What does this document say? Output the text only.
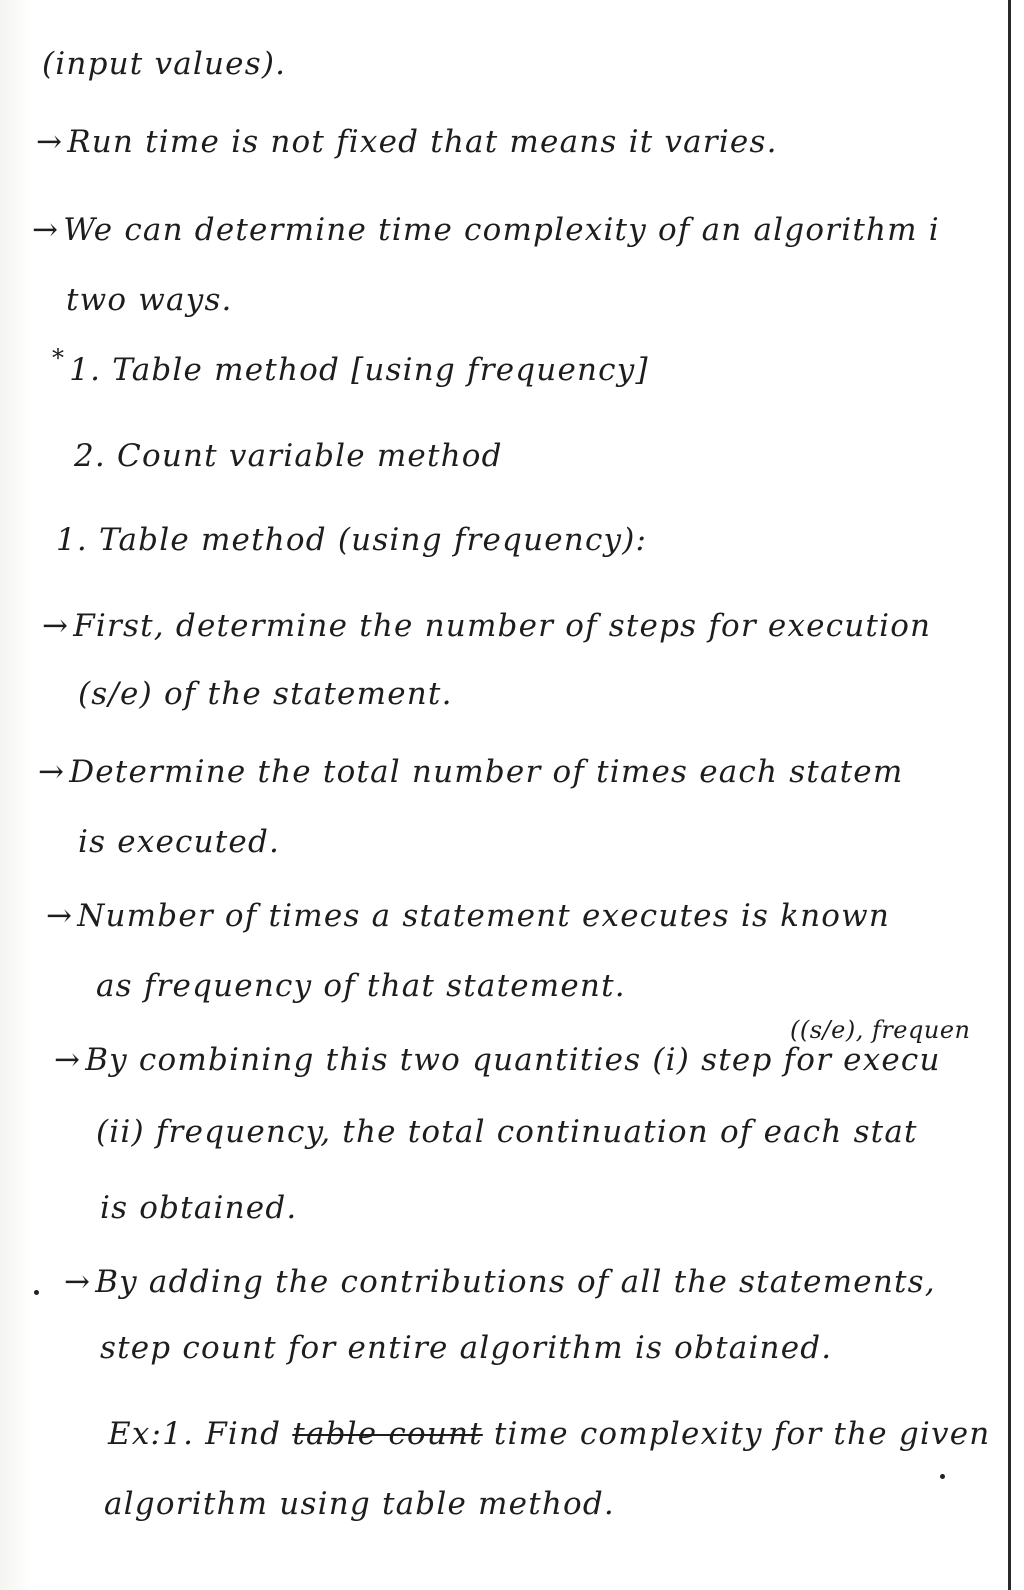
(input values).
→ Run time is not fixed that means it varies.
→ We can determine time complexity of an algorithm i
two ways.
* 1. Table method [using frequency]
2. Count variable method
1. Table method (using frequency):
→ First, determine the number of steps for execution
(s/e) of the statement.
→ Determine the total number of times each statem
is executed.
→ Number of times a statement executes is known
as frequency of that statement.
((s/e), frequen
→ By combining this two quantities (i) step for execu
(ii) frequency, the total continuation of each stat
is obtained.
→ By adding the contributions of all the statements,
step count for entire algorithm is obtained.
Ex:1. Find table count time complexity for the given
algorithm using table method.
